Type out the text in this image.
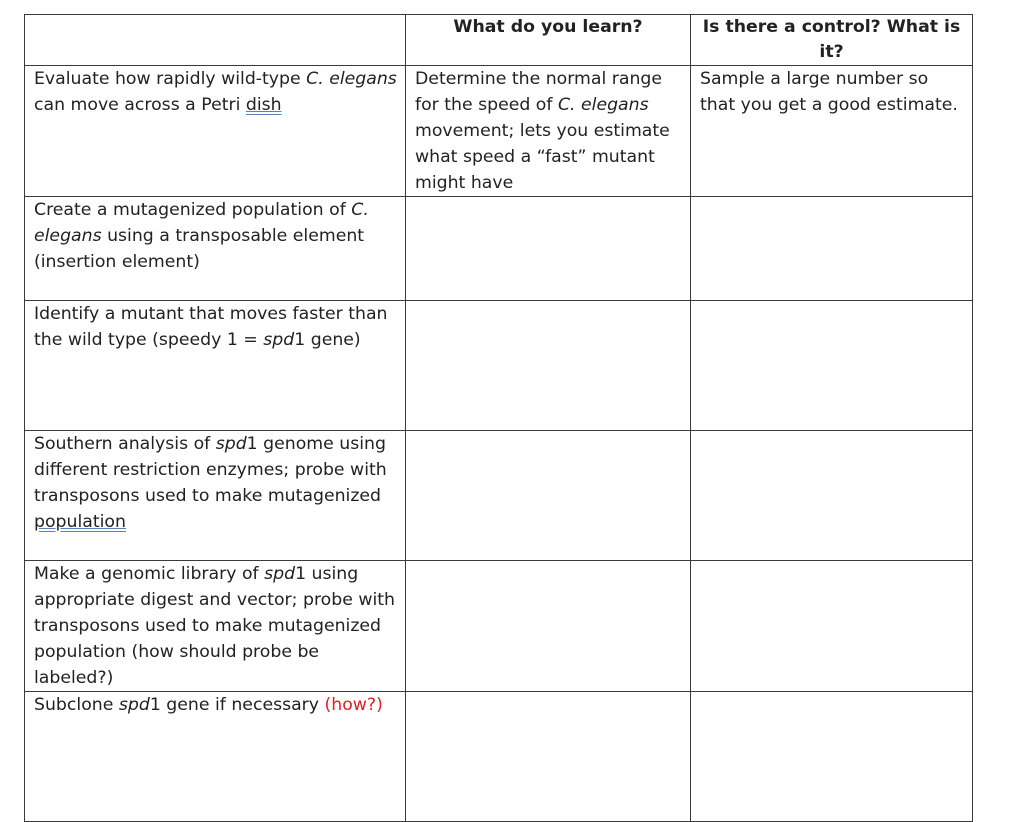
	What do you learn?	Is there a control? What is it?
Evaluate how rapidly wild-type C. elegans can move across a Petri dish	Determine the normal range for the speed of C. elegans movement; lets you estimate what speed a “fast” mutant might have	Sample a large number so that you get a good estimate.
Create a mutagenized population of C. elegans using a transposable element (insertion element)		
Identify a mutant that moves faster than the wild type (speedy 1 = spd1 gene)		
Southern analysis of spd1 genome using different restriction enzymes; probe with transposons used to make mutagenized population		
Make a genomic library of spd1 using appropriate digest and vector; probe with transposons used to make mutagenized population (how should probe be labeled?)		
Subclone spd1 gene if necessary (how?)		
